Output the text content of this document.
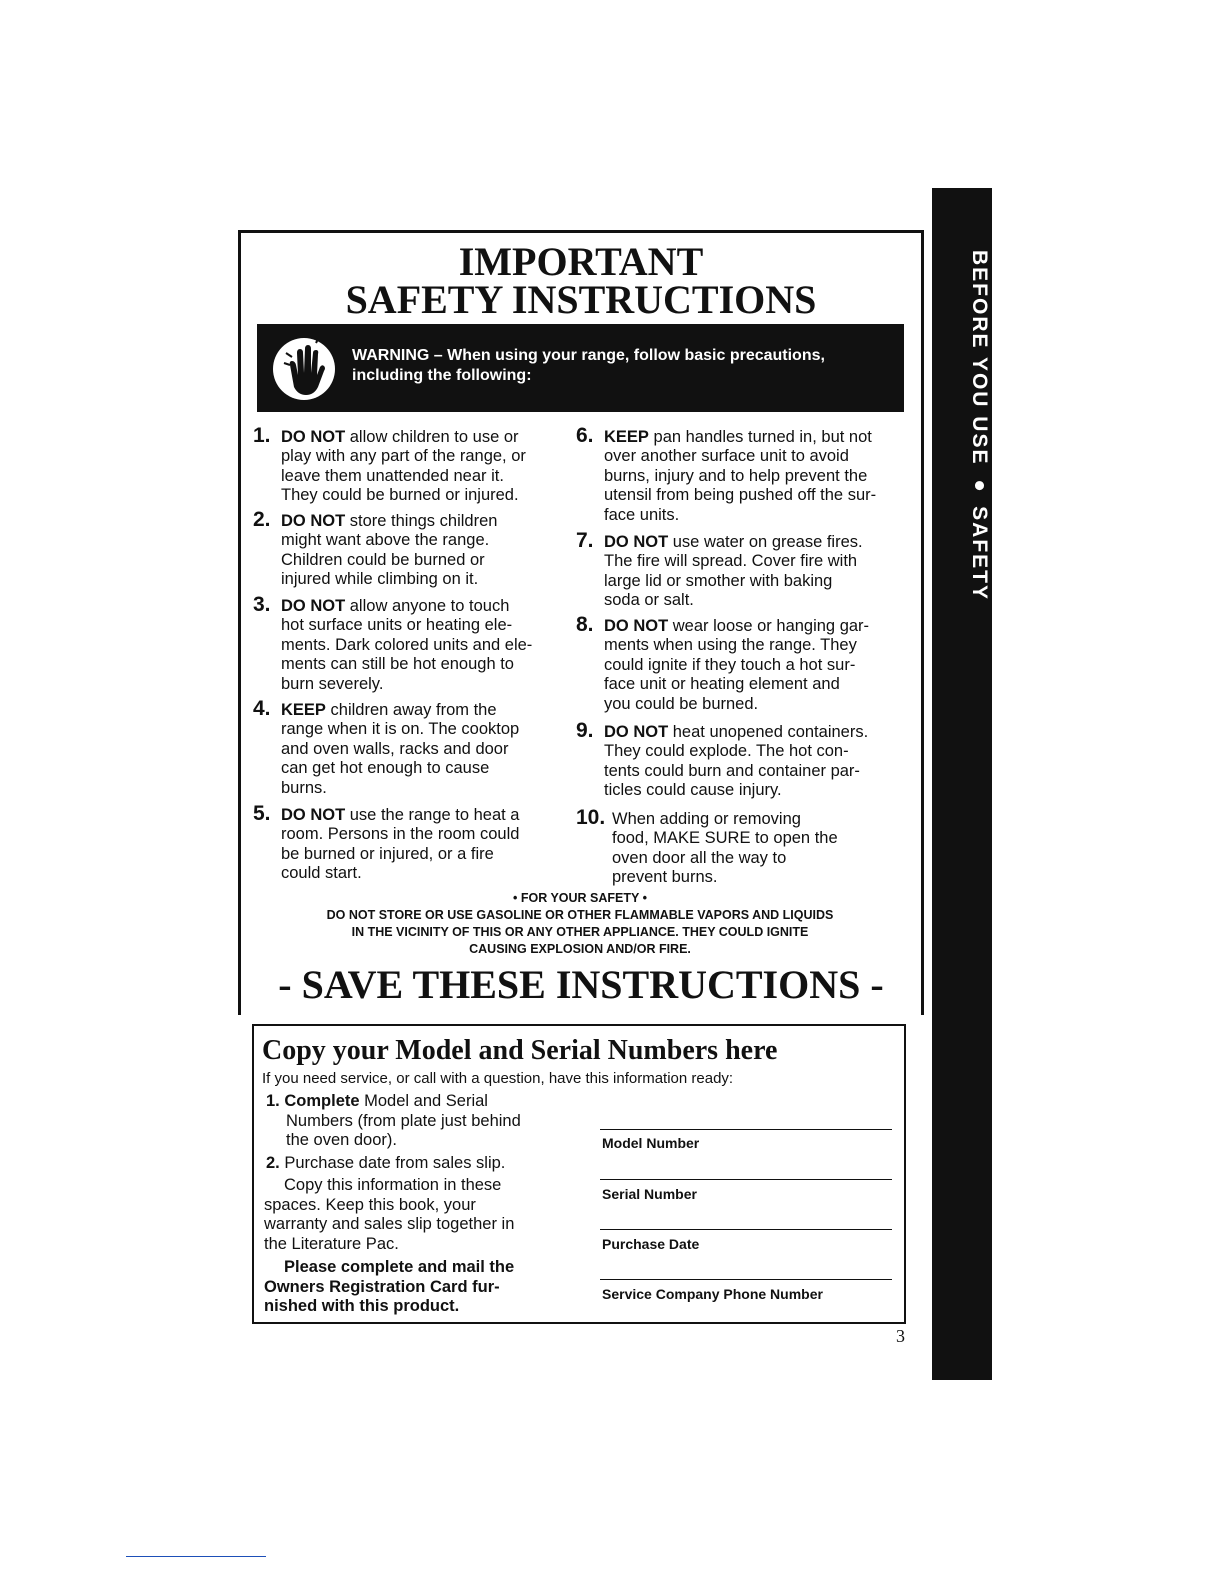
BEFORE YOU USE ● SAFETY
IMPORTANT
SAFETY INSTRUCTIONS
WARNING – When using your range, follow basic precautions,
including the following:
1. DO NOT allow children to use or
play with any part of the range, or
leave them unattended near it.
They could be burned or injured.
2. DO NOT store things children
might want above the range.
Children could be burned or
injured while climbing on it.
3. DO NOT allow anyone to touch
hot surface units or heating ele-
ments. Dark colored units and ele-
ments can still be hot enough to
burn severely.
4. KEEP children away from the
range when it is on. The cooktop
and oven walls, racks and door
can get hot enough to cause
burns.
5. DO NOT use the range to heat a
room. Persons in the room could
be burned or injured, or a fire
could start.
6. KEEP pan handles turned in, but not
over another surface unit to avoid
burns, injury and to help prevent the
utensil from being pushed off the sur-
face units.
7. DO NOT use water on grease fires.
The fire will spread. Cover fire with
large lid or smother with baking
soda or salt.
8. DO NOT wear loose or hanging gar-
ments when using the range. They
could ignite if they touch a hot sur-
face unit or heating element and
you could be burned.
9. DO NOT heat unopened containers.
They could explode. The hot con-
tents could burn and container par-
ticles could cause injury.
10. When adding or removing
food, MAKE SURE to open the
oven door all the way to
prevent burns.
• FOR YOUR SAFETY •
DO NOT STORE OR USE GASOLINE OR OTHER FLAMMABLE VAPORS AND LIQUIDS
IN THE VICINITY OF THIS OR ANY OTHER APPLIANCE. THEY COULD IGNITE
CAUSING EXPLOSION AND/OR FIRE.
- SAVE THESE INSTRUCTIONS -
Copy your Model and Serial Numbers here
If you need service, or call with a question, have this information ready:
1. Complete Model and Serial
Numbers (from plate just behind
the oven door).
2. Purchase date from sales slip.
Copy this information in these
spaces. Keep this book, your
warranty and sales slip together in
the Literature Pac.
Please complete and mail the
Owners Registration Card fur-
nished with this product.
Model Number
Serial Number
Purchase Date
Service Company Phone Number
3
